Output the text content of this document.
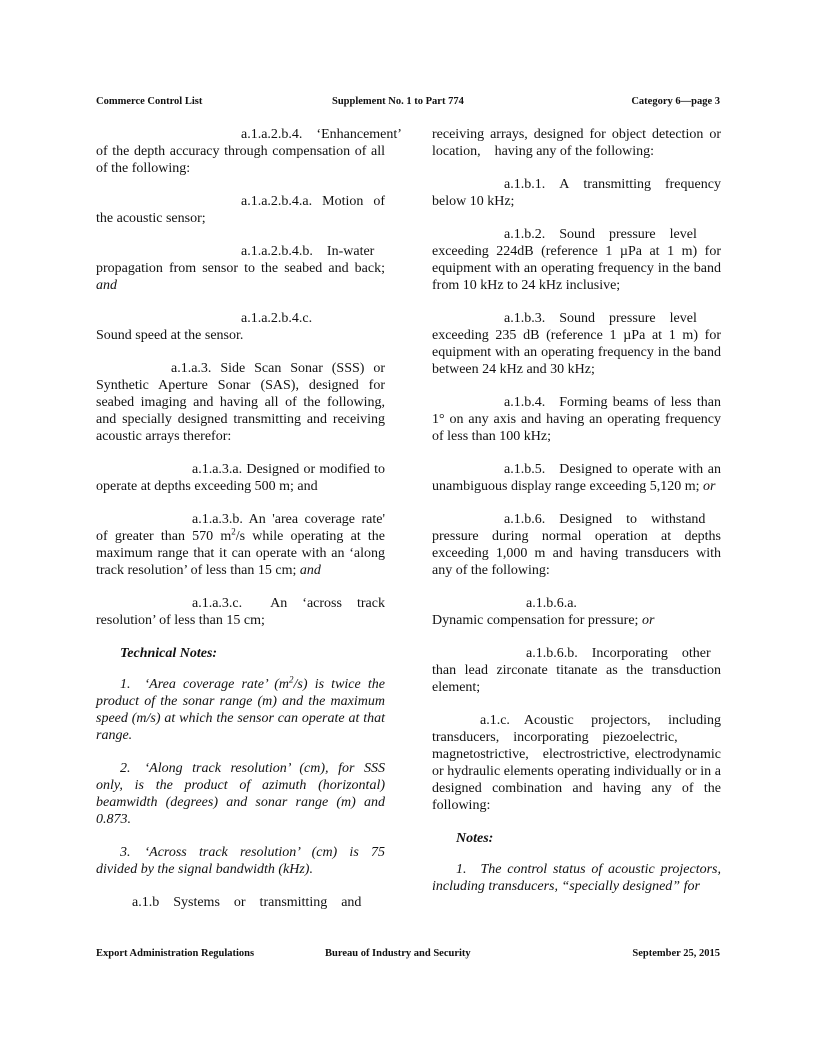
Commerce Control List	Supplement No. 1 to Part 774	Category 6—page 3

a.1.a.2.b.4. ‘Enhancement’ of the depth accuracy through compensation of all of the following:

a.1.a.2.b.4.a. Motion of the acoustic sensor;

a.1.a.2.b.4.b. In-water propagation from sensor to the seabed and back; and

a.1.a.2.b.4.c.   Sound speed at the sensor.

a.1.a.3. Side Scan Sonar (SSS) or Synthetic Aperture Sonar (SAS), designed for seabed imaging and having all of the following, and specially designed transmitting and receiving acoustic arrays therefor:

a.1.a.3.a. Designed or modified to operate at depths exceeding 500 m; and

a.1.a.3.b. An 'area coverage rate' of greater than 570 $m^2/s$ while operating at the maximum range that it can operate with an ‘along track resolution’ of less than 15 cm; and

a.1.a.3.c.  An ‘across track resolution’ of less than 15 cm;

Technical Notes:

1. ‘Area coverage rate’ $(m^2/s)$ is twice the product of the sonar range (m) and the maximum speed (m/s) at which the sensor can operate at that range.

2. ‘Along track resolution’ (cm), for SSS only, is the product of azimuth (horizontal) beamwidth (degrees) and sonar range (m) and 0.873.

3. ‘Across track resolution’ (cm) is 75 divided by the signal bandwidth (kHz).

a.1.b Systems or transmitting and

receiving arrays, designed for object detection or location, having any of the following:

a.1.b.1. A transmitting frequency below 10 kHz;

a.1.b.2. Sound pressure level exceeding 224dB (reference 1 µPa at 1 m) for equipment with an operating frequency in the band from 10 kHz to 24 kHz inclusive;

a.1.b.3. Sound pressure level exceeding 235 dB (reference 1 µPa at 1 m) for equipment with an operating frequency in the band between 24 kHz and 30 kHz;

a.1.b.4. Forming beams of less than 1° on any axis and having an operating frequency of less than 100 kHz;

a.1.b.5. Designed to operate with an unambiguous display range exceeding 5,120 m; or

a.1.b.6. Designed to withstand pressure during normal operation at depths exceeding 1,000 m and having transducers with any of the following:

a.1.b.6.a.        Dynamic compensation for pressure; or

a.1.b.6.b. Incorporating other than lead zirconate titanate as the transduction element;

a.1.c. Acoustic projectors, including transducers, incorporating piezoelectric, magnetostrictive, electrostrictive, electrodynamic or hydraulic elements operating individually or in a designed combination and having any of the following:

Notes:

1. The control status of acoustic projectors, including transducers, “specially designed” for

Export Administration Regulations	Bureau of Industry and Security	September 25, 2015
